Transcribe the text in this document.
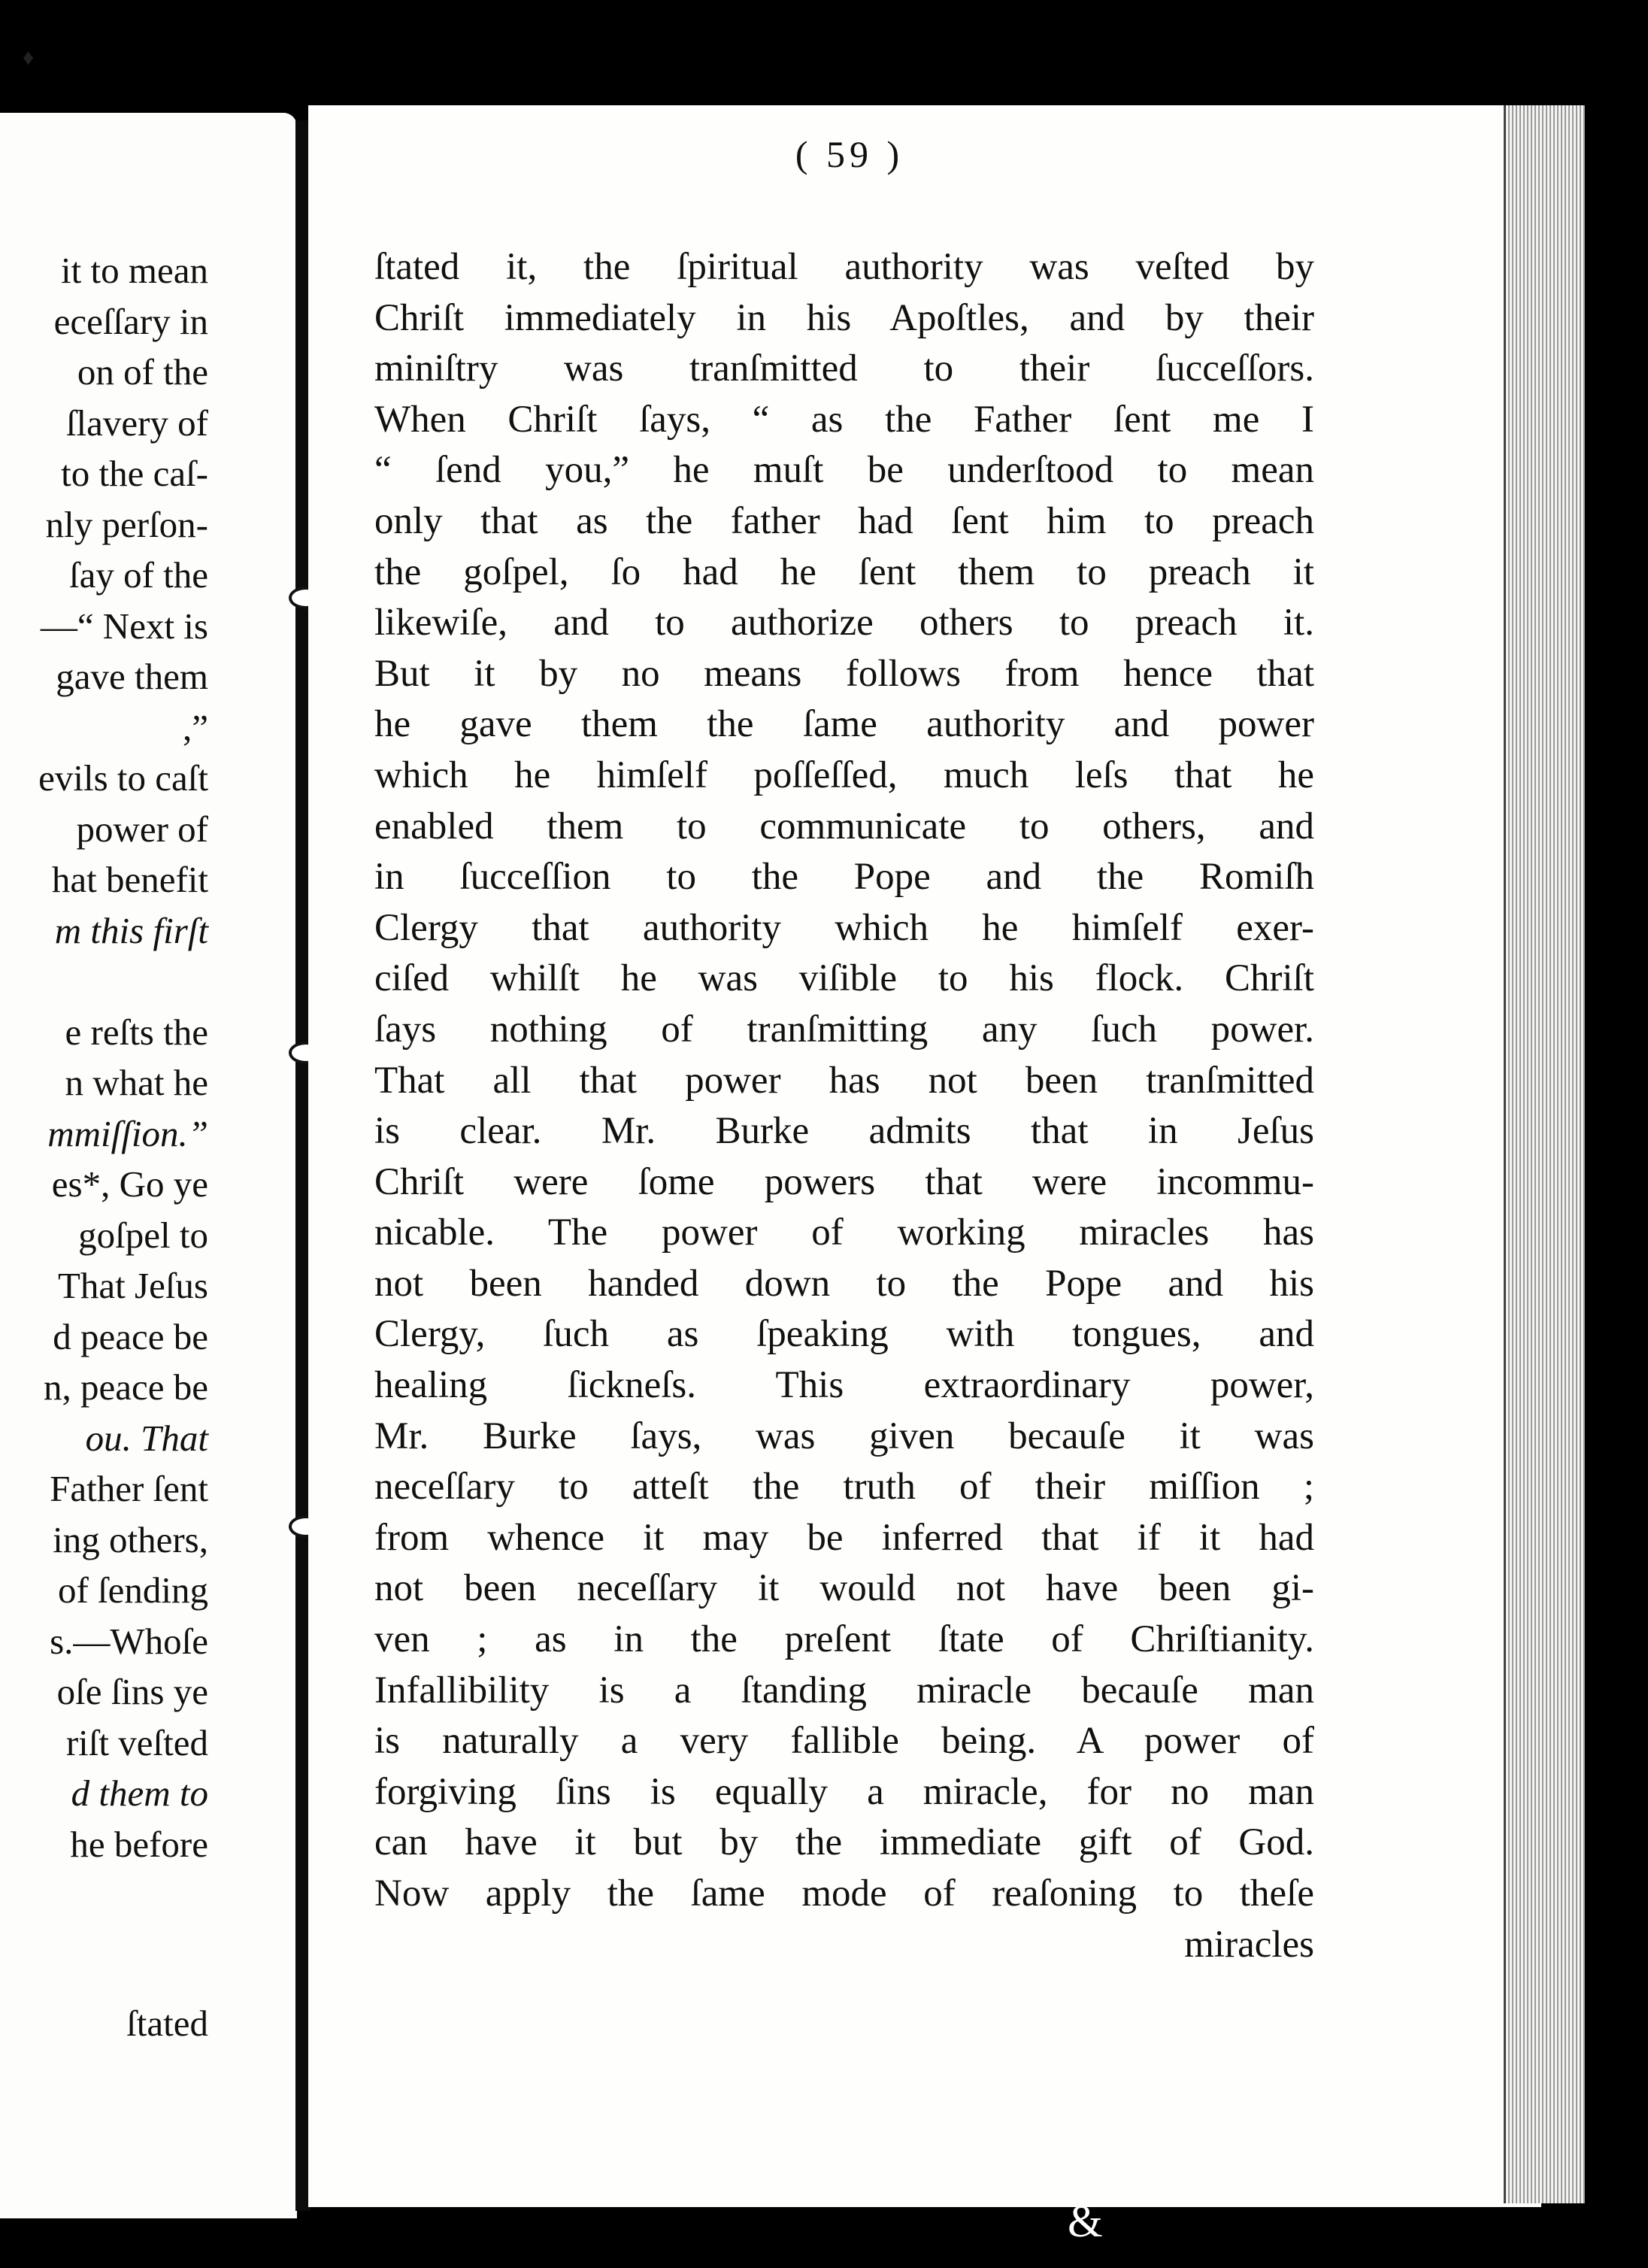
it to mean
eceſſary in
on of the
ſlavery of
to the caſ-
nly perſon-
ſay of the
—“ Next is
gave them
,”
evils to caſt
power of
hat benefit
m this firſt

e reſts the
n what he
mmiſſion.”
es*, Go ye
goſpel to
That Jeſus
d peace be
n, peace be
ou. That
Father ſent
ing others,
of ſending
s.—Whoſe
oſe ſins ye
riſt veſted
d them to
he before
ſtated
( 59 )
ſtated it, the ſpiritual authority was veſted by
Chriſt immediately in his Apoſtles, and by their
miniſtry was tranſmitted to their ſucceſſors.
When Chriſt ſays, “ as the Father ſent me I
“ ſend you,” he muſt be underſtood to mean
only that as the father had ſent him to preach
the goſpel, ſo had he ſent them to preach it
likewiſe, and to authorize others to preach it.
But it by no means follows from hence that
he gave them the ſame authority and power
which he himſelf poſſeſſed, much leſs that he
enabled them to communicate to others, and
in ſucceſſion to the Pope and the Romiſh
Clergy that authority which he himſelf exer-
ciſed whilſt he was viſible to his flock. Chriſt
ſays nothing of tranſmitting any ſuch power.
That all that power has not been tranſmitted
is clear. Mr. Burke admits that in Jeſus
Chriſt were ſome powers that were incommu-
nicable. The power of working miracles has
not been handed down to the Pope and his
Clergy, ſuch as ſpeaking with tongues, and
healing ſickneſs. This extraordinary power,
Mr. Burke ſays, was given becauſe it was
neceſſary to atteſt the truth of their miſſion ;
from whence it may be inferred that if it had
not been neceſſary it would not have been gi-
ven ; as in the preſent ſtate of Chriſtianity.
Infallibility is a ſtanding miracle becauſe man
is naturally a very fallible being. A power of
forgiving ſins is equally a miracle, for no man
can have it but by the immediate gift of God.
Now apply the ſame mode of reaſoning to theſe
miracles
♦
&
